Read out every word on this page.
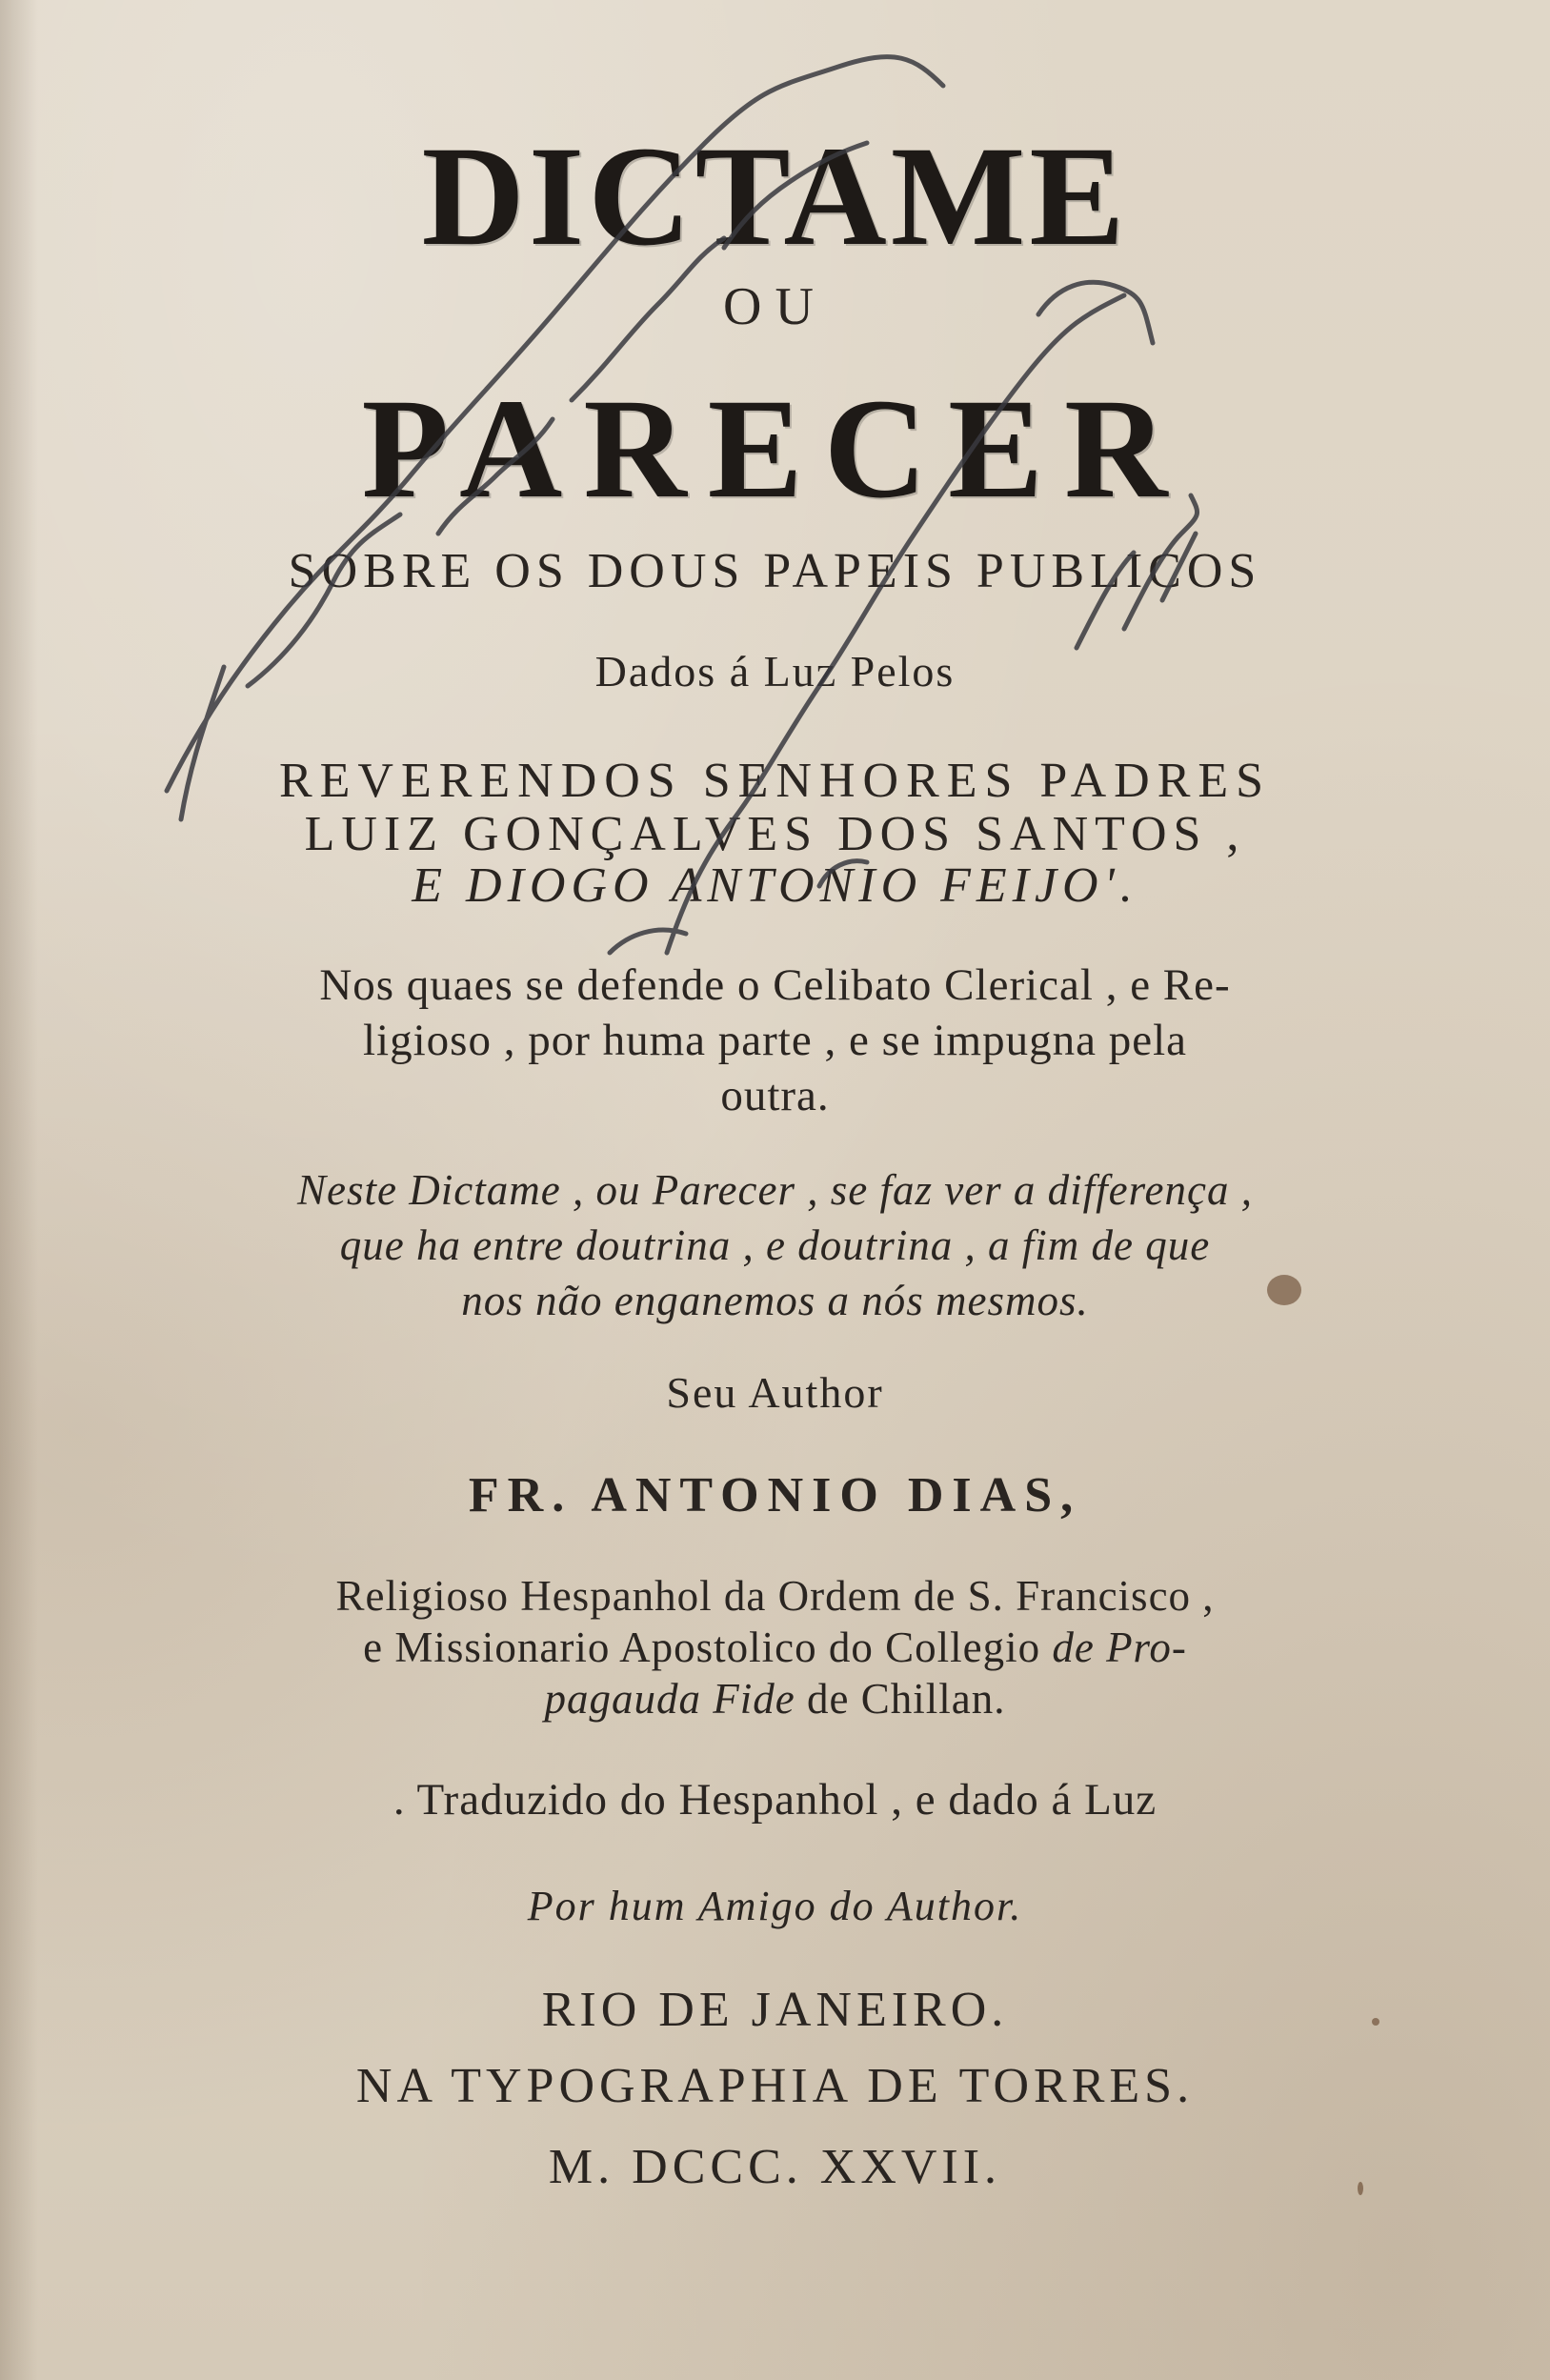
DICTAME
OU
PARECER
SOBRE OS DOUS PAPEIS PUBLICOS
Dados á Luz Pelos
REVERENDOS SENHORES PADRES
LUIZ GONÇALVES DOS SANTOS ,
E DIOGO ANTONIO FEIJO'.
Nos quaes se defende o Celibato Clerical , e Re-
ligioso , por huma parte , e se impugna pela
outra.
Neste Dictame , ou Parecer , se faz ver a differença ,
que ha entre doutrina , e doutrina , a fim de que
nos não enganemos a nós mesmos.
Seu Author
FR. ANTONIO DIAS,
Religioso Hespanhol da Ordem de S. Francisco ,
e Missionario Apostolico do Collegio de Pro-
pagauda Fide de Chillan.
. Traduzido do Hespanhol , e dado á Luz
Por hum Amigo do Author.
RIO DE JANEIRO.
NA TYPOGRAPHIA DE TORRES.
M. DCCC. XXVII.
